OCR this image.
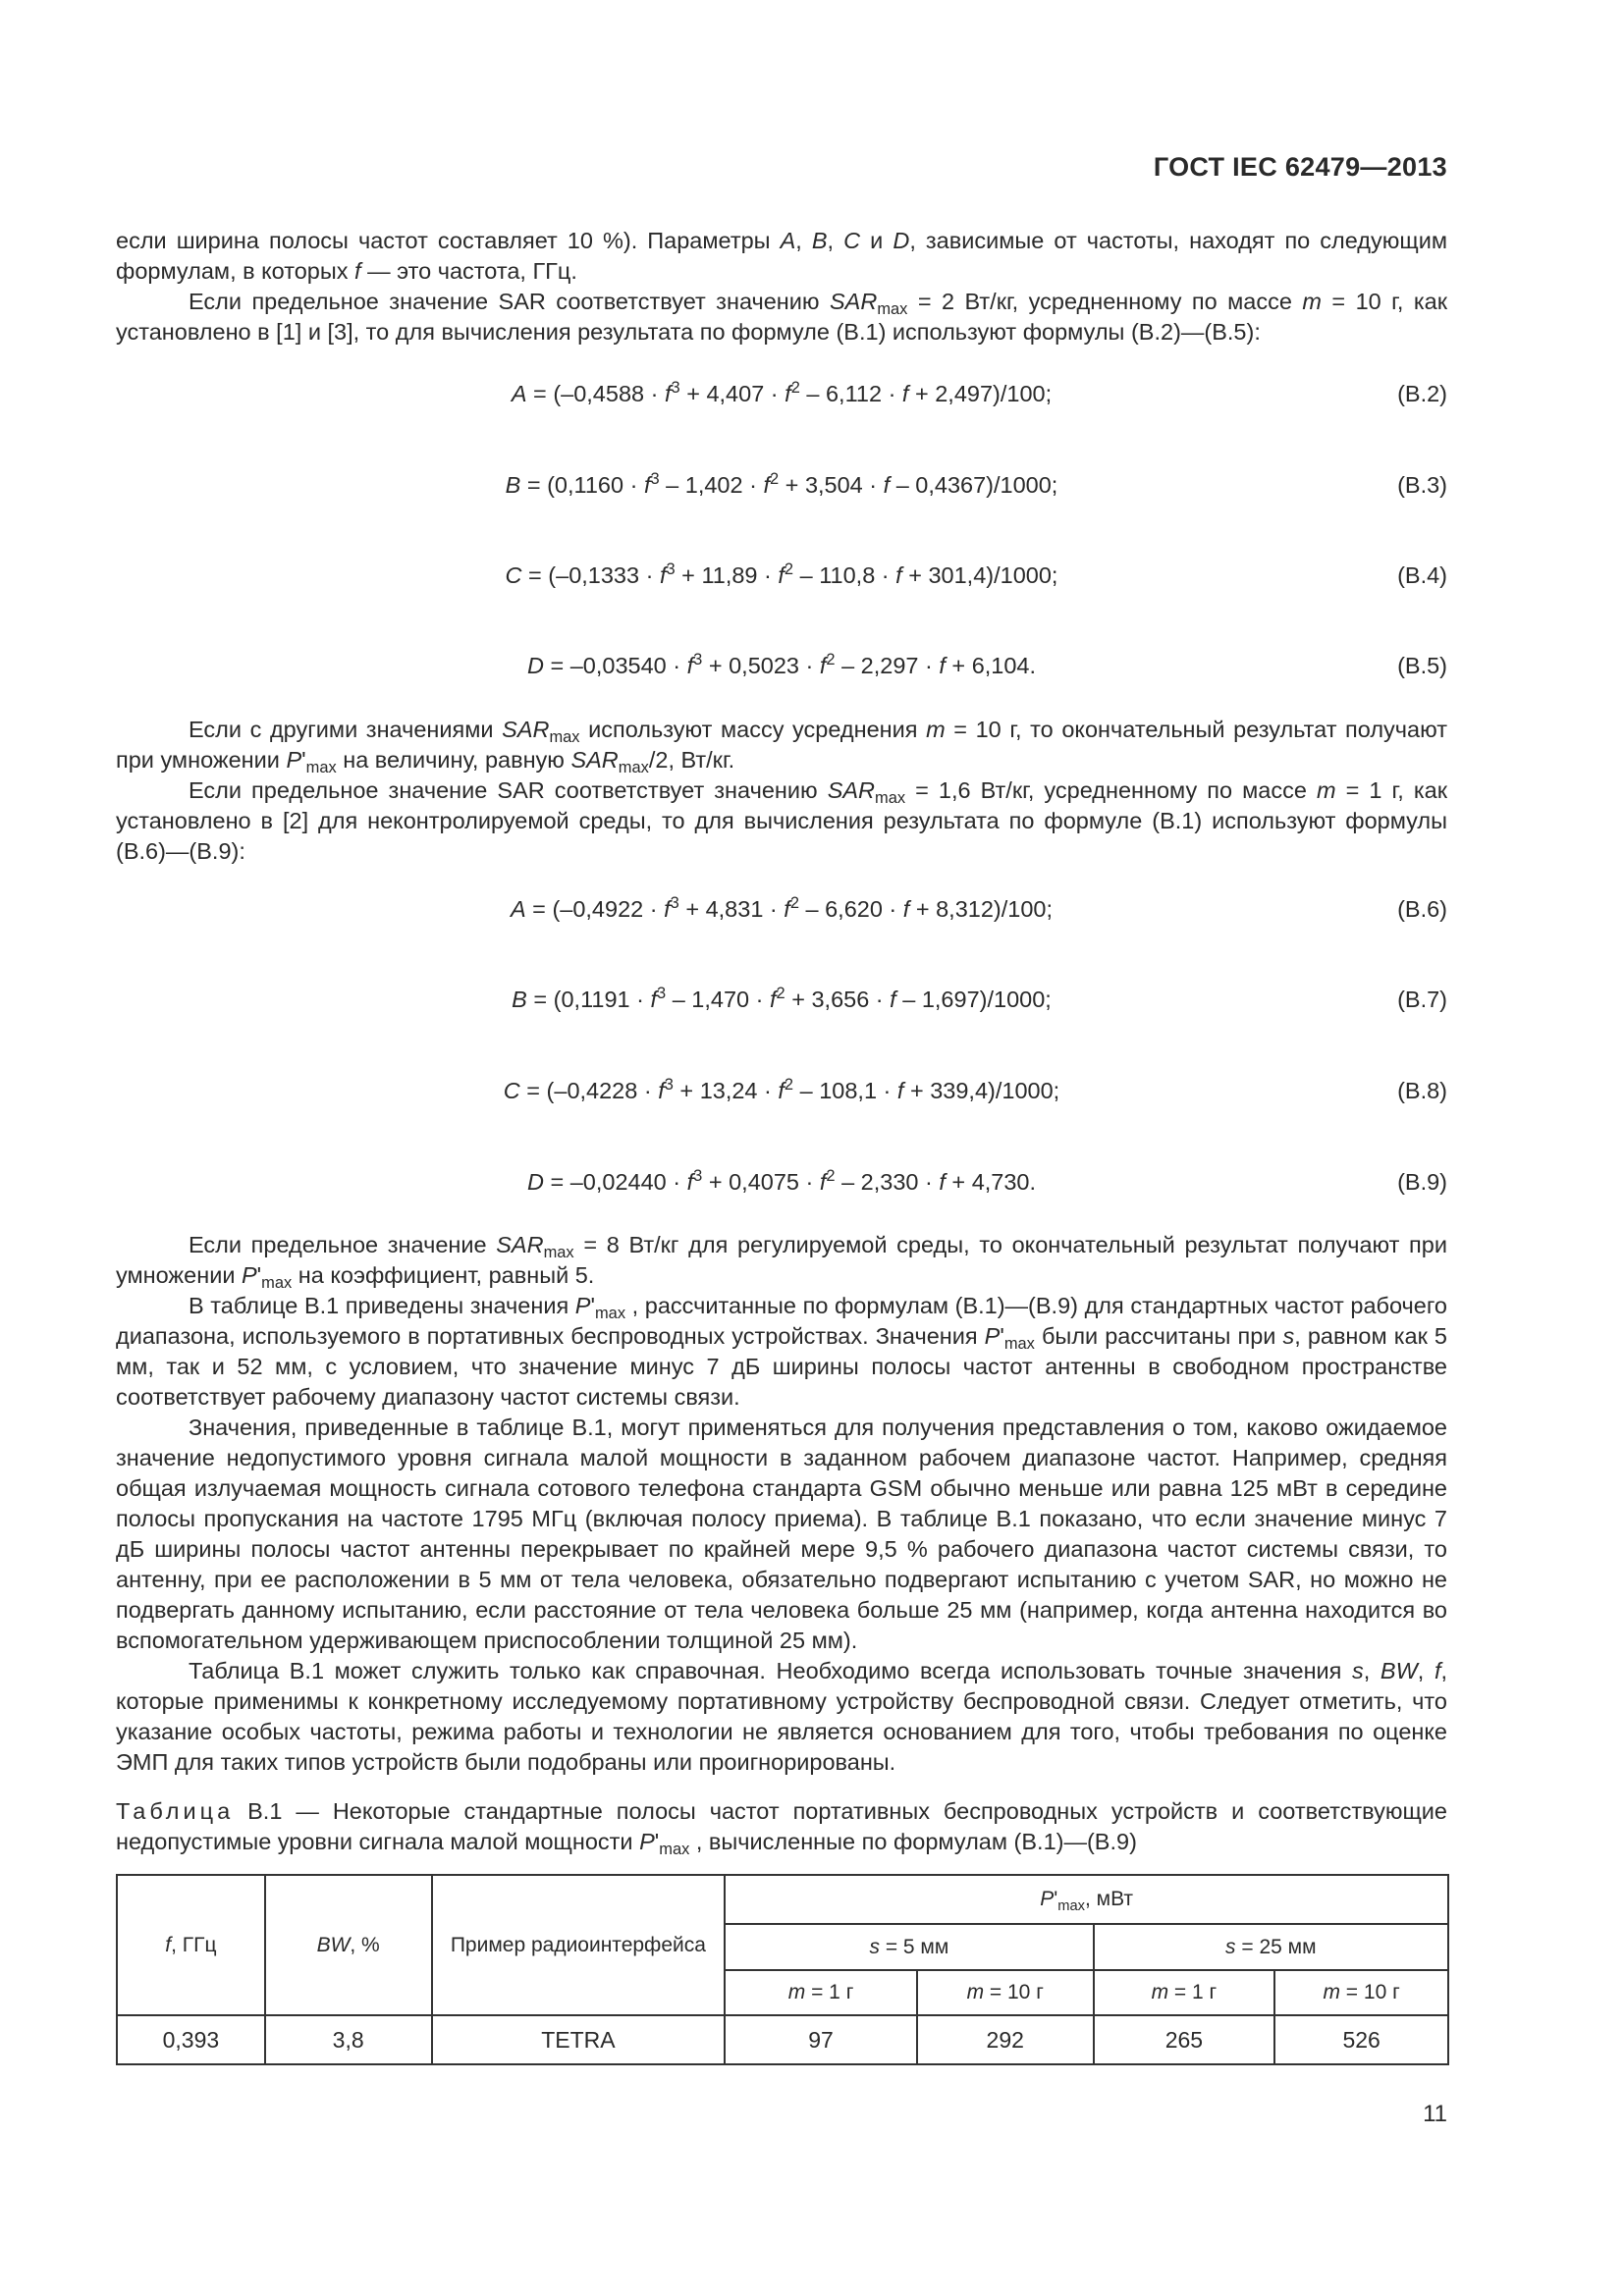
ГОСТ IEC 62479—2013

если ширина полосы частот составляет 10 %). Параметры A, B, C и D, зависимые от частоты, находят по следующим формулам, в которых f — это частота, ГГц.

Если предельное значение SAR соответствует значению $SAR_{max} = 2$ Вт/кг, усредненному по массе m = 10 г, как установлено в [1] и [3], то для вычисления результата по формуле (В.1) используют формулы (В.2)—(В.5):

$A = (-0,4588 \cdot f^3 + 4,407 \cdot f^2 - 6,112 \cdot f + 2,497)/100$;	(В.2)
$B = (0,1160 \cdot f^3 - 1,402 \cdot f^2 + 3,504 \cdot f - 0,4367)/1000$;	(В.3)
$C = (-0,1333 \cdot f^3 + 11,89 \cdot f^2 - 110,8 \cdot f + 301,4)/1000$;	(В.4)
$D = -0,03540 \cdot f^3 + 0,5023 \cdot f^2 - 2,297 \cdot f + 6,104$.	(В.5)

Если с другими значениями $SAR_{max}$ используют массу усреднения m = 10 г, то окончательный результат получают при умножении $P'_{max}$ на величину, равную $SAR_{max}/2$, Вт/кг.

Если предельное значение SAR соответствует значению $SAR_{max} = 1,6$ Вт/кг, усредненному по массе m = 1 г, как установлено в [2] для неконтролируемой среды, то для вычисления результата по формуле (В.1) используют формулы (В.6)—(В.9):

$A = (-0,4922 \cdot f^3 + 4,831 \cdot f^2 - 6,620 \cdot f + 8,312)/100$;	(В.6)
$B = (0,1191 \cdot f^3 - 1,470 \cdot f^2 + 3,656 \cdot f - 1,697)/1000$;	(В.7)
$C = (-0,4228 \cdot f^3 + 13,24 \cdot f^2 - 108,1 \cdot f + 339,4)/1000$;	(В.8)
$D = -0,02440 \cdot f^3 + 0,4075 \cdot f^2 - 2,330 \cdot f + 4,730$.	(В.9)

Если предельное значение $SAR_{max} = 8$ Вт/кг для регулируемой среды, то окончательный результат получают при умножении $P'_{max}$ на коэффициент, равный 5.

В таблице В.1 приведены значения $P'_{max}$ , рассчитанные по формулам (В.1)—(В.9) для стандартных частот рабочего диапазона, используемого в портативных беспроводных устройствах. Значения $P'_{max}$ были рассчитаны при s, равном как 5 мм, так и 52 мм, с условием, что значение минус 7 дБ ширины полосы частот антенны в свободном пространстве соответствует рабочему диапазону частот системы связи.

Значения, приведенные в таблице В.1, могут применяться для получения представления о том, каково ожидаемое значение недопустимого уровня сигнала малой мощности в заданном рабочем диапазоне частот. Например, средняя общая излучаемая мощность сигнала сотового телефона стандарта GSM обычно меньше или равна 125 мВт в середине полосы пропускания на частоте 1795 МГц (включая полосу приема). В таблице В.1 показано, что если значение минус 7 дБ ширины полосы частот антенны перекрывает по крайней мере 9,5 % рабочего диапазона частот системы связи, то антенну, при ее расположении в 5 мм от тела человека, обязательно подвергают испытанию с учетом SAR, но можно не подвергать данному испытанию, если расстояние от тела человека больше 25 мм (например, когда антенна находится во вспомогательном удерживающем приспособлении толщиной 25 мм).

Таблица В.1 может служить только как справочная. Необходимо всегда использовать точные значения s, BW, f, которые применимы к конкретному исследуемому портативному устройству беспроводной связи. Следует отметить, что указание особых частоты, режима работы и технологии не является основанием для того, чтобы требования по оценке ЭМП для таких типов устройств были подобраны или проигнорированы.

Таблица В.1 — Некоторые стандартные полосы частот портативных беспроводных устройств и соответствующие недопустимые уровни сигнала малой мощности $P'_{max}$ , вычисленные по формулам (В.1)—(В.9)
f, ГГц	BW, %	Пример радиоинтерфейса	$P'_{max}$, мВт			
			s = 5 мм		s = 25 мм	
			m = 1 г	m = 10 г	m = 1 г	m = 10 г
0,393	3,8	TETRA	97	292	265	526
11
